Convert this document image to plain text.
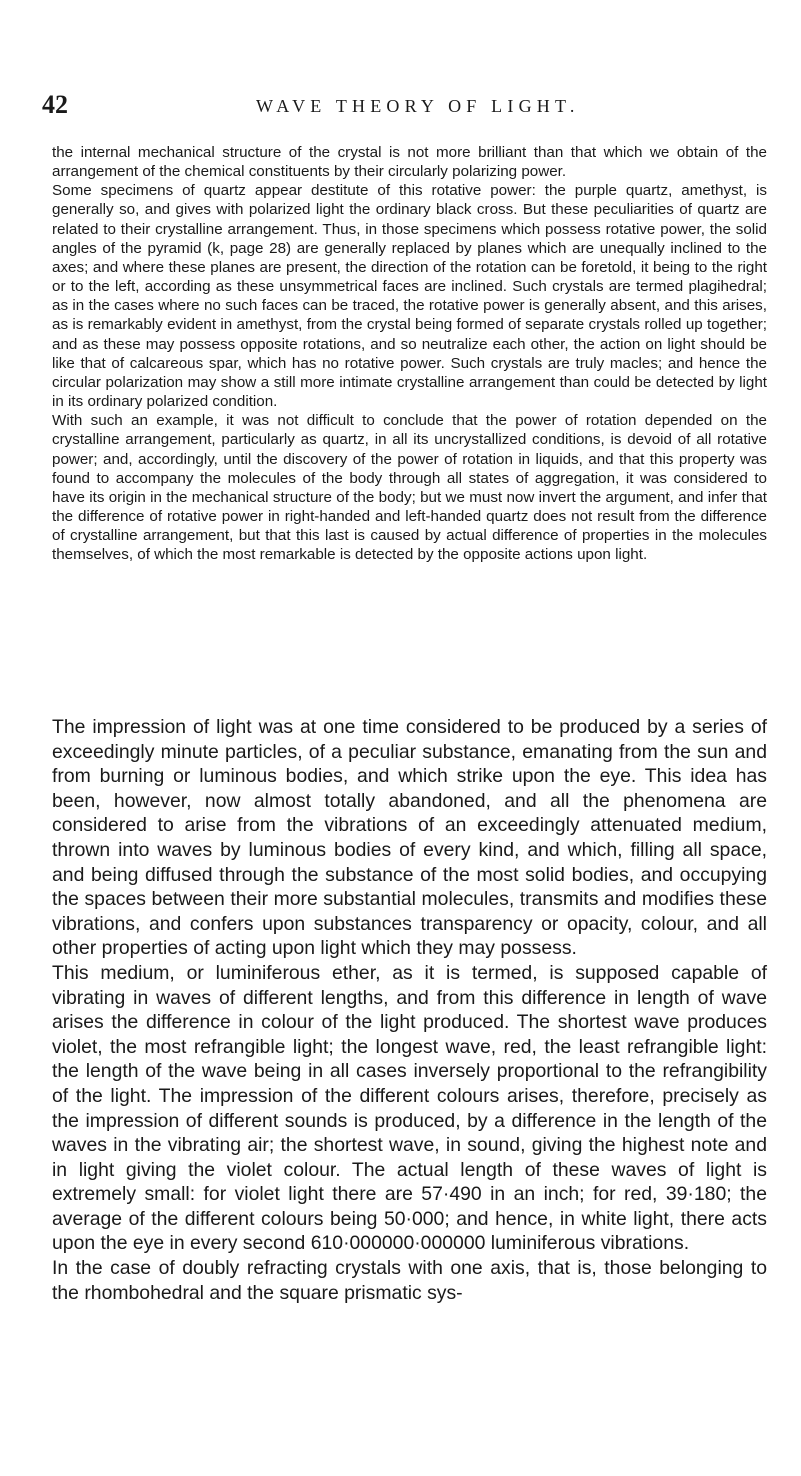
42	WAVE THEORY OF LIGHT.

the internal mechanical structure of the crystal is not more brilliant than that which we obtain of the arrangement of the chemical constituents by their circularly polarizing power.

Some specimens of quartz appear destitute of this rotative power: the purple quartz, amethyst, is generally so, and gives with polarized light the ordinary black cross. But these peculiarities of quartz are related to their crystalline arrangement. Thus, in those specimens which possess rotative power, the solid angles of the pyramid (k, page 28) are generally replaced by planes which are unequally inclined to the axes; and where these planes are present, the direction of the rotation can be foretold, it being to the right or to the left, according as these unsymmetrical faces are inclined. Such crystals are termed plagihedral; as in the cases where no such faces can be traced, the rotative power is generally absent, and this arises, as is remarkably evident in amethyst, from the crystal being formed of separate crystals rolled up together; and as these may possess opposite rotations, and so neutralize each other, the action on light should be like that of calcareous spar, which has no rotative power. Such crystals are truly macles; and hence the circular polarization may show a still more intimate crystalline arrangement than could be detected by light in its ordinary polarized condition.

With such an example, it was not difficult to conclude that the power of rotation depended on the crystalline arrangement, particularly as quartz, in all its uncrystallized conditions, is devoid of all rotative power; and, accordingly, until the discovery of the power of rotation in liquids, and that this property was found to accompany the molecules of the body through all states of aggregation, it was considered to have its origin in the mechanical structure of the body; but we must now invert the argument, and infer that the difference of rotative power in right-handed and left-handed quartz does not result from the difference of crystalline arrangement, but that this last is caused by actual difference of properties in the molecules themselves, of which the most remarkable is detected by the opposite actions upon light.

The impression of light was at one time considered to be produced by a series of exceedingly minute particles, of a peculiar substance, emanating from the sun and from burning or luminous bodies, and which strike upon the eye. This idea has been, however, now almost totally abandoned, and all the phenomena are considered to arise from the vibrations of an exceedingly attenuated medium, thrown into waves by luminous bodies of every kind, and which, filling all space, and being diffused through the substance of the most solid bodies, and occupying the spaces between their more substantial molecules, transmits and modifies these vibrations, and confers upon substances transparency or opacity, colour, and all other properties of acting upon light which they may possess.

This medium, or luminiferous ether, as it is termed, is supposed capable of vibrating in waves of different lengths, and from this difference in length of wave arises the difference in colour of the light produced. The shortest wave produces violet, the most refrangible light; the longest wave, red, the least refrangible light: the length of the wave being in all cases inversely proportional to the refrangibility of the light. The impression of the different colours arises, therefore, precisely as the impression of different sounds is produced, by a difference in the length of the waves in the vibrating air; the shortest wave, in sound, giving the highest note and in light giving the violet colour. The actual length of these waves of light is extremely small: for violet light there are 57·490 in an inch; for red, 39·180; the average of the different colours being 50·000; and hence, in white light, there acts upon the eye in every second 610·000000·000000 luminiferous vibrations.

In the case of doubly refracting crystals with one axis, that is, those belonging to the rhombohedral and the square prismatic sys-
